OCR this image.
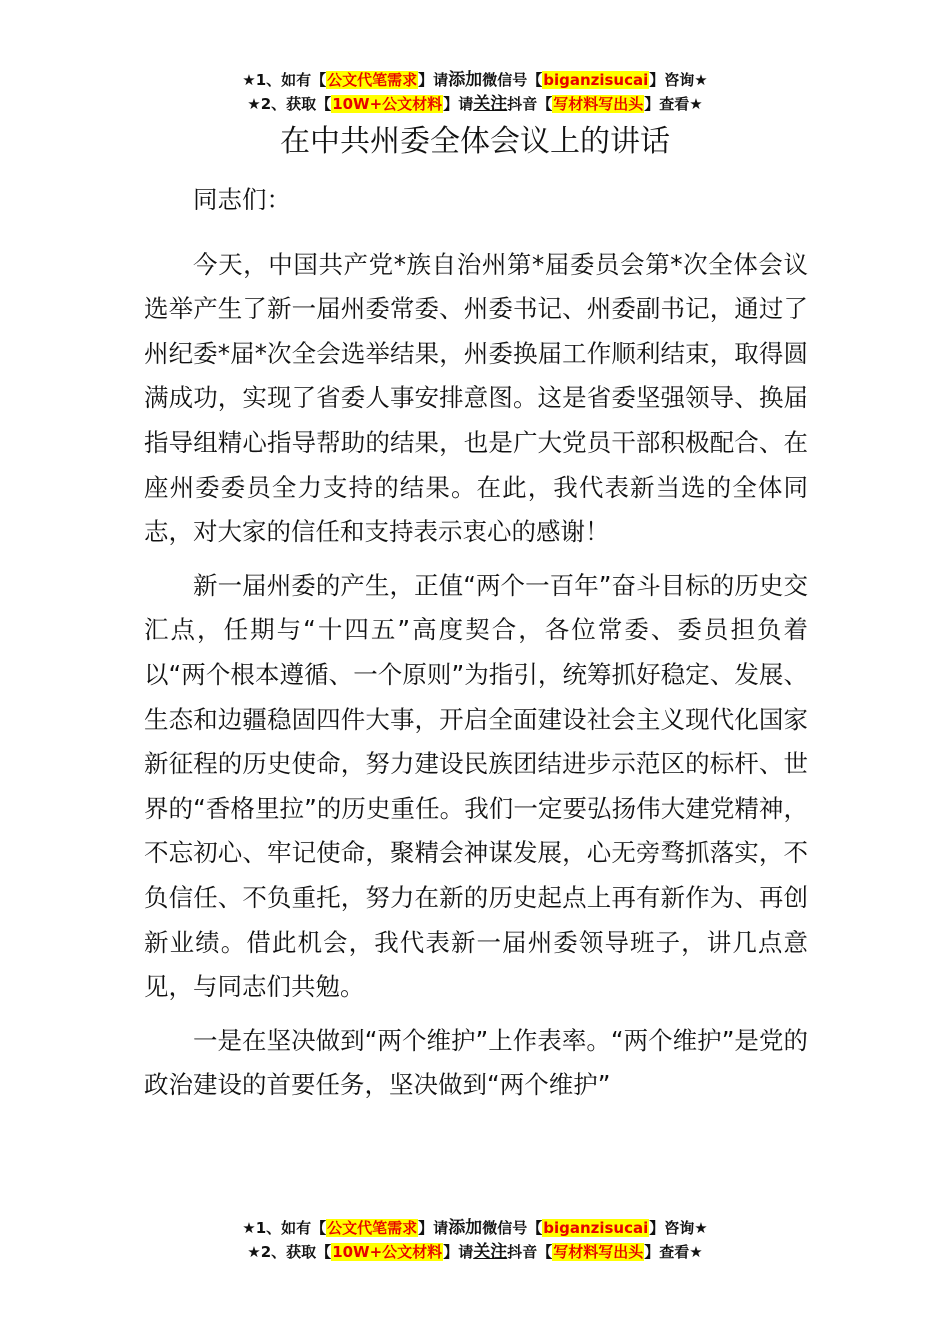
★1、如有【公文代笔需求】请添加微信号【biganzisucai】咨询★
★2、获取【10W+公文材料】请关注抖音【写材料写出头】查看★
在中共州委全体会议上的讲话

同志们：

今天，中国共产党*族自治州第*届委员会第*次全体会议选举产生了新一届州委常委、州委书记、州委副书记，通过了州纪委*届*次全会选举结果，州委换届工作顺利结束，取得圆满成功，实现了省委人事安排意图。这是省委坚强领导、换届指导组精心指导帮助的结果，也是广大党员干部积极配合、在座州委委员全力支持的结果。在此，我代表新当选的全体同志，对大家的信任和支持表示衷心的感谢！

新一届州委的产生，正值“两个一百年”奋斗目标的历史交汇点，任期与“十四五”高度契合，各位常委、委员担负着以“两个根本遵循、一个原则”为指引，统筹抓好稳定、发展、生态和边疆稳固四件大事，开启全面建设社会主义现代化国家新征程的历史使命，努力建设民族团结进步示范区的标杆、世界的“香格里拉”的历史重任。我们一定要弘扬伟大建党精神，不忘初心、牢记使命，聚精会神谋发展，心无旁骛抓落实，不负信任、不负重托，努力在新的历史起点上再有新作为、再创新业绩。借此机会，我代表新一届州委领导班子，讲几点意见，与同志们共勉。

一是在坚决做到“两个维护”上作表率。“两个维护”是党的政治建设的首要任务，坚决做到“两个维护”

★1、如有【公文代笔需求】请添加微信号【biganzisucai】咨询★
★2、获取【10W+公文材料】请关注抖音【写材料写出头】查看★
